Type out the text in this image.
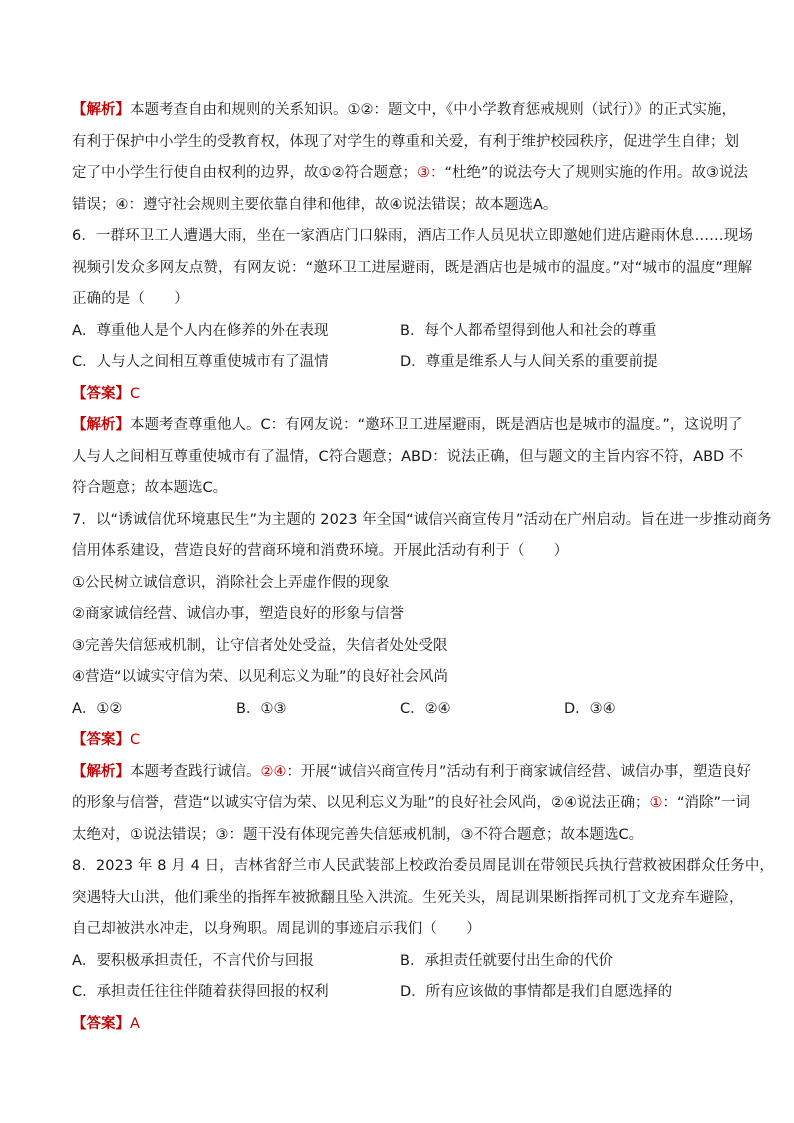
【解析】本题考查自由和规则的关系知识。①②：题文中，《中小学教育惩戒规则（试行）》的正式实施，

有利于保护中小学生的受教育权，体现了对学生的尊重和关爱，有利于维护校园秩序，促进学生自律；划

定了中小学生行使自由权利的边界，故①②符合题意；③：“杜绝”的说法夸大了规则实施的作用。故③说法

错误；④：遵守社会规则主要依靠自律和他律，故④说法错误；故本题选A。

6．一群环卫工人遭遇大雨，坐在一家酒店门口躲雨，酒店工作人员见状立即邀她们进店避雨休息……现场

视频引发众多网友点赞，有网友说：“邀环卫工进屋避雨，既是酒店也是城市的温度。”对“城市的温度”理解

正确的是（　　）

A．尊重他人是个人内在修养的外在表现	B．每个人都希望得到他人和社会的尊重
C．人与人之间相互尊重使城市有了温情	D．尊重是维系人与人间关系的重要前提

【答案】C

【解析】本题考查尊重他人。C：有网友说：“邀环卫工进屋避雨，既是酒店也是城市的温度。”，这说明了

人与人之间相互尊重使城市有了温情，C符合题意；ABD：说法正确，但与题文的主旨内容不符，ABD 不

符合题意；故本题选C。

7．以“诱诚信优环境惠民生”为主题的 2023 年全国“诚信兴商宣传月”活动在广州启动。旨在进一步推动商务

信用体系建设，营造良好的营商环境和消费环境。开展此活动有利于（　　）

①公民树立诚信意识，消除社会上弄虚作假的现象

②商家诚信经营、诚信办事，塑造良好的形象与信誉

③完善失信惩戒机制，让守信者处处受益，失信者处处受限

④营造“以诚实守信为荣、以见利忘义为耻”的良好社会风尚

A．①②	B．①③	C．②④	D．③④

【答案】C

【解析】本题考查践行诚信。②④：开展“诚信兴商宣传月”活动有利于商家诚信经营、诚信办事，塑造良好

的形象与信誉，营造“以诚实守信为荣、以见利忘义为耻”的良好社会风尚，②④说法正确；①：“消除”一词

太绝对，①说法错误；③：题干没有体现完善失信惩戒机制，③不符合题意；故本题选C。

8．2023 年 8 月 4 日，吉林省舒兰市人民武装部上校政治委员周昆训在带领民兵执行营救被困群众任务中，

突遇特大山洪，他们乘坐的指挥车被掀翻且坠入洪流。生死关头，周昆训果断指挥司机丁文龙弃车避险，

自己却被洪水冲走，以身殉职。周昆训的事迹启示我们（　　）

A．要积极承担责任，不言代价与回报	B．承担责任就要付出生命的代价
C．承担责任往往伴随着获得回报的权利	D．所有应该做的事情都是我们自愿选择的

【答案】A
